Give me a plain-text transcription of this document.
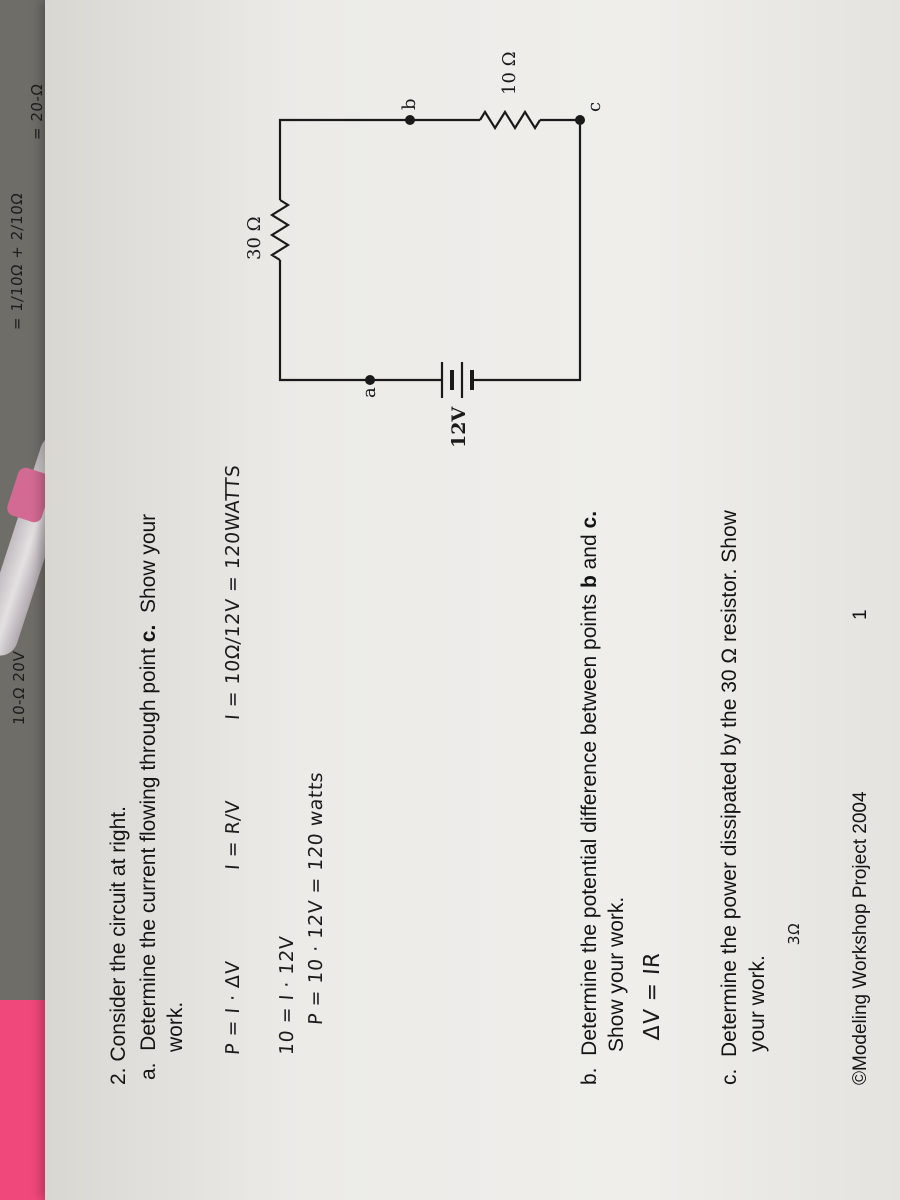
2. Consider the circuit at right. a.  Determine the current flowing through point c.  Show your
work.
b.  Determine the potential difference between points b and c.
Show your work.
c.  Determine the power dissipated by the 30 Ω resistor. Show your work.	©Modeling Workshop Project 2004
1
10-Ω 20V
= 1/10Ω + 2/10Ω
= 20-Ω
P = I · ΔV
I = R/V
I = 10Ω/12V = 120WATTS
10 = I · 12V P = 10 · 12V = 120 watts	ΔV = IR
3Ω
30 Ω
10 Ω
12V
a
b	c
